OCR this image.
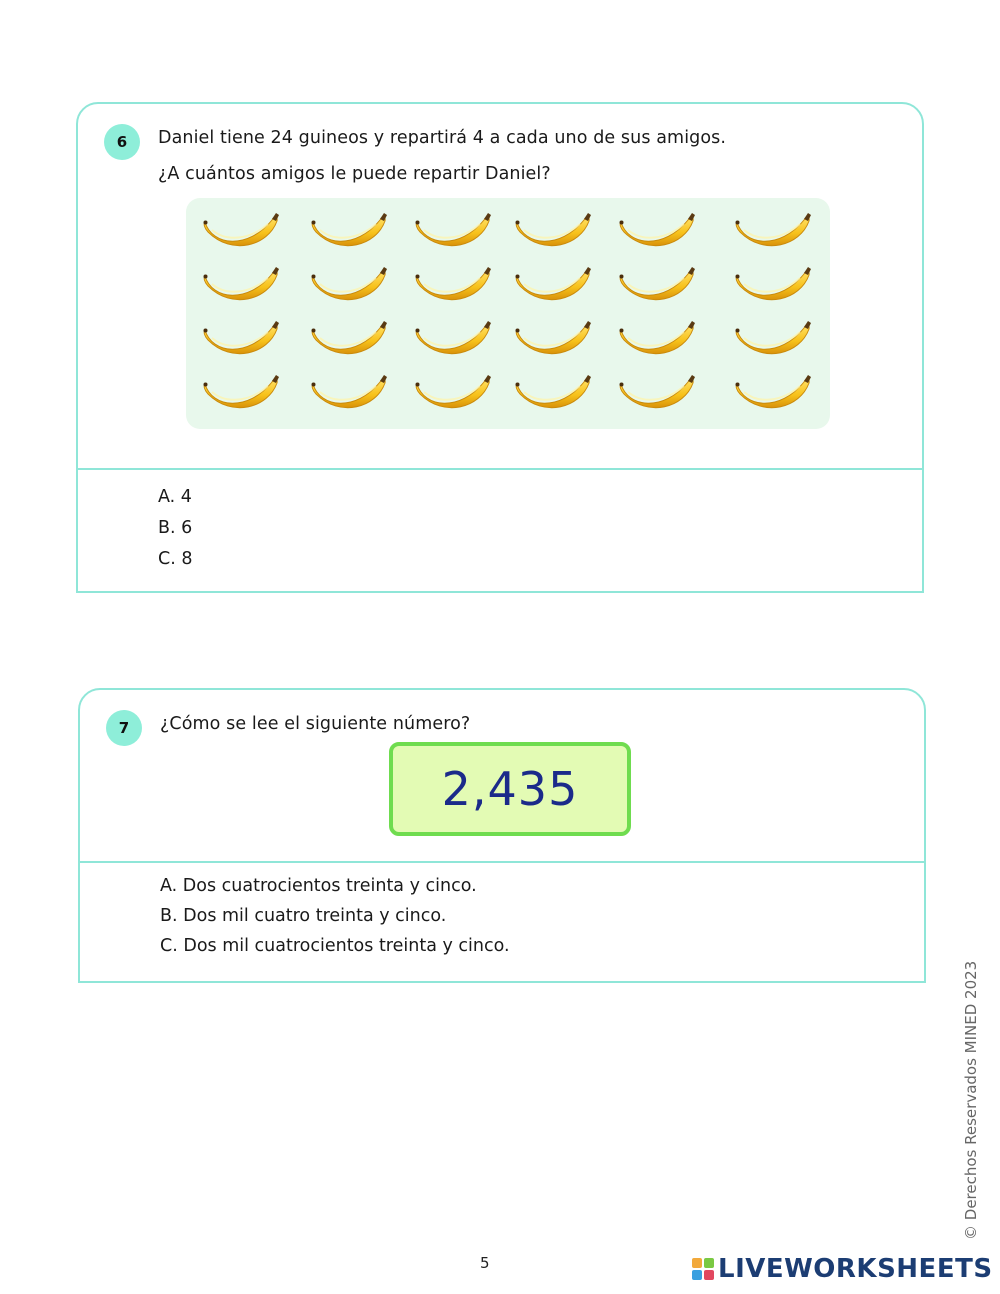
6	Daniel tiene 24 guineos y repartirá 4 a cada uno de sus amigos.
¿A cuántos amigos le puede repartir Daniel?
A. 4
B. 6
C. 8
7	¿Cómo se lee el siguiente número?
2,435
A. Dos cuatrocientos treinta y cinco.
B. Dos mil cuatro treinta y cinco.
C. Dos mil cuatrocientos treinta y cinco.
© Derechos Reservados MINED 2023
5	LIVEWORKSHEETS
